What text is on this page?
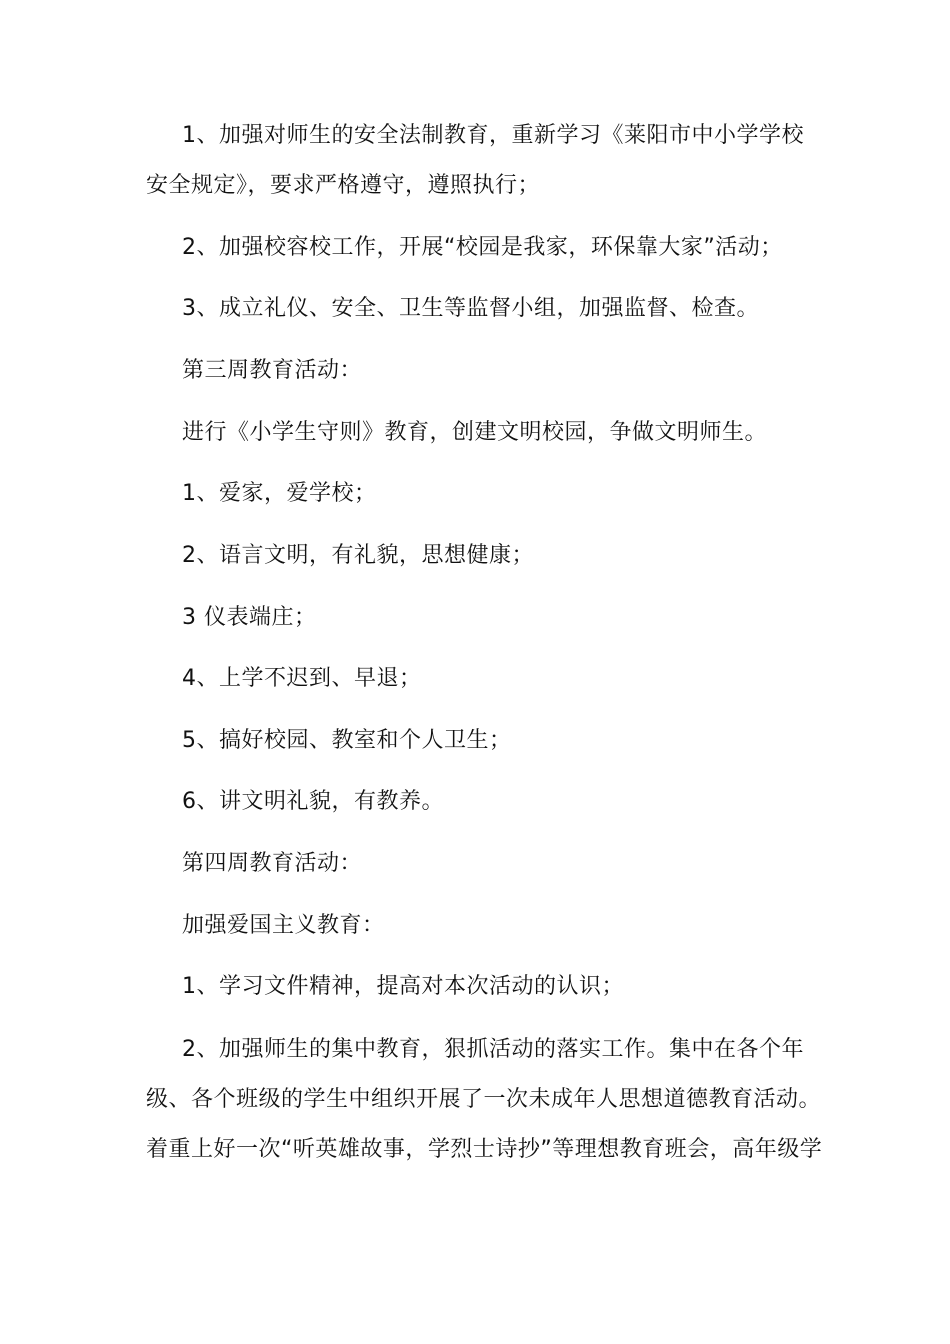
1、加强对师生的安全法制教育，重新学习《莱阳市中小学学校
安全规定》，要求严格遵守，遵照执行；
2、加强校容校工作，开展“校园是我家，环保靠大家”活动；
3、成立礼仪、安全、卫生等监督小组，加强监督、检查。
第三周教育活动：
进行《小学生守则》教育，创建文明校园，争做文明师生。
1、爱家，爱学校；
2、语言文明，有礼貌，思想健康；
3 仪表端庄；
4、上学不迟到、早退；
5、搞好校园、教室和个人卫生；
6、讲文明礼貌，有教养。
第四周教育活动：
加强爱国主义教育：
1、学习文件精神，提高对本次活动的认识；
2、加强师生的集中教育，狠抓活动的落实工作。集中在各个年
级、各个班级的学生中组织开展了一次未成年人思想道德教育活动。
着重上好一次“听英雄故事，学烈士诗抄”等理想教育班会，高年级学
